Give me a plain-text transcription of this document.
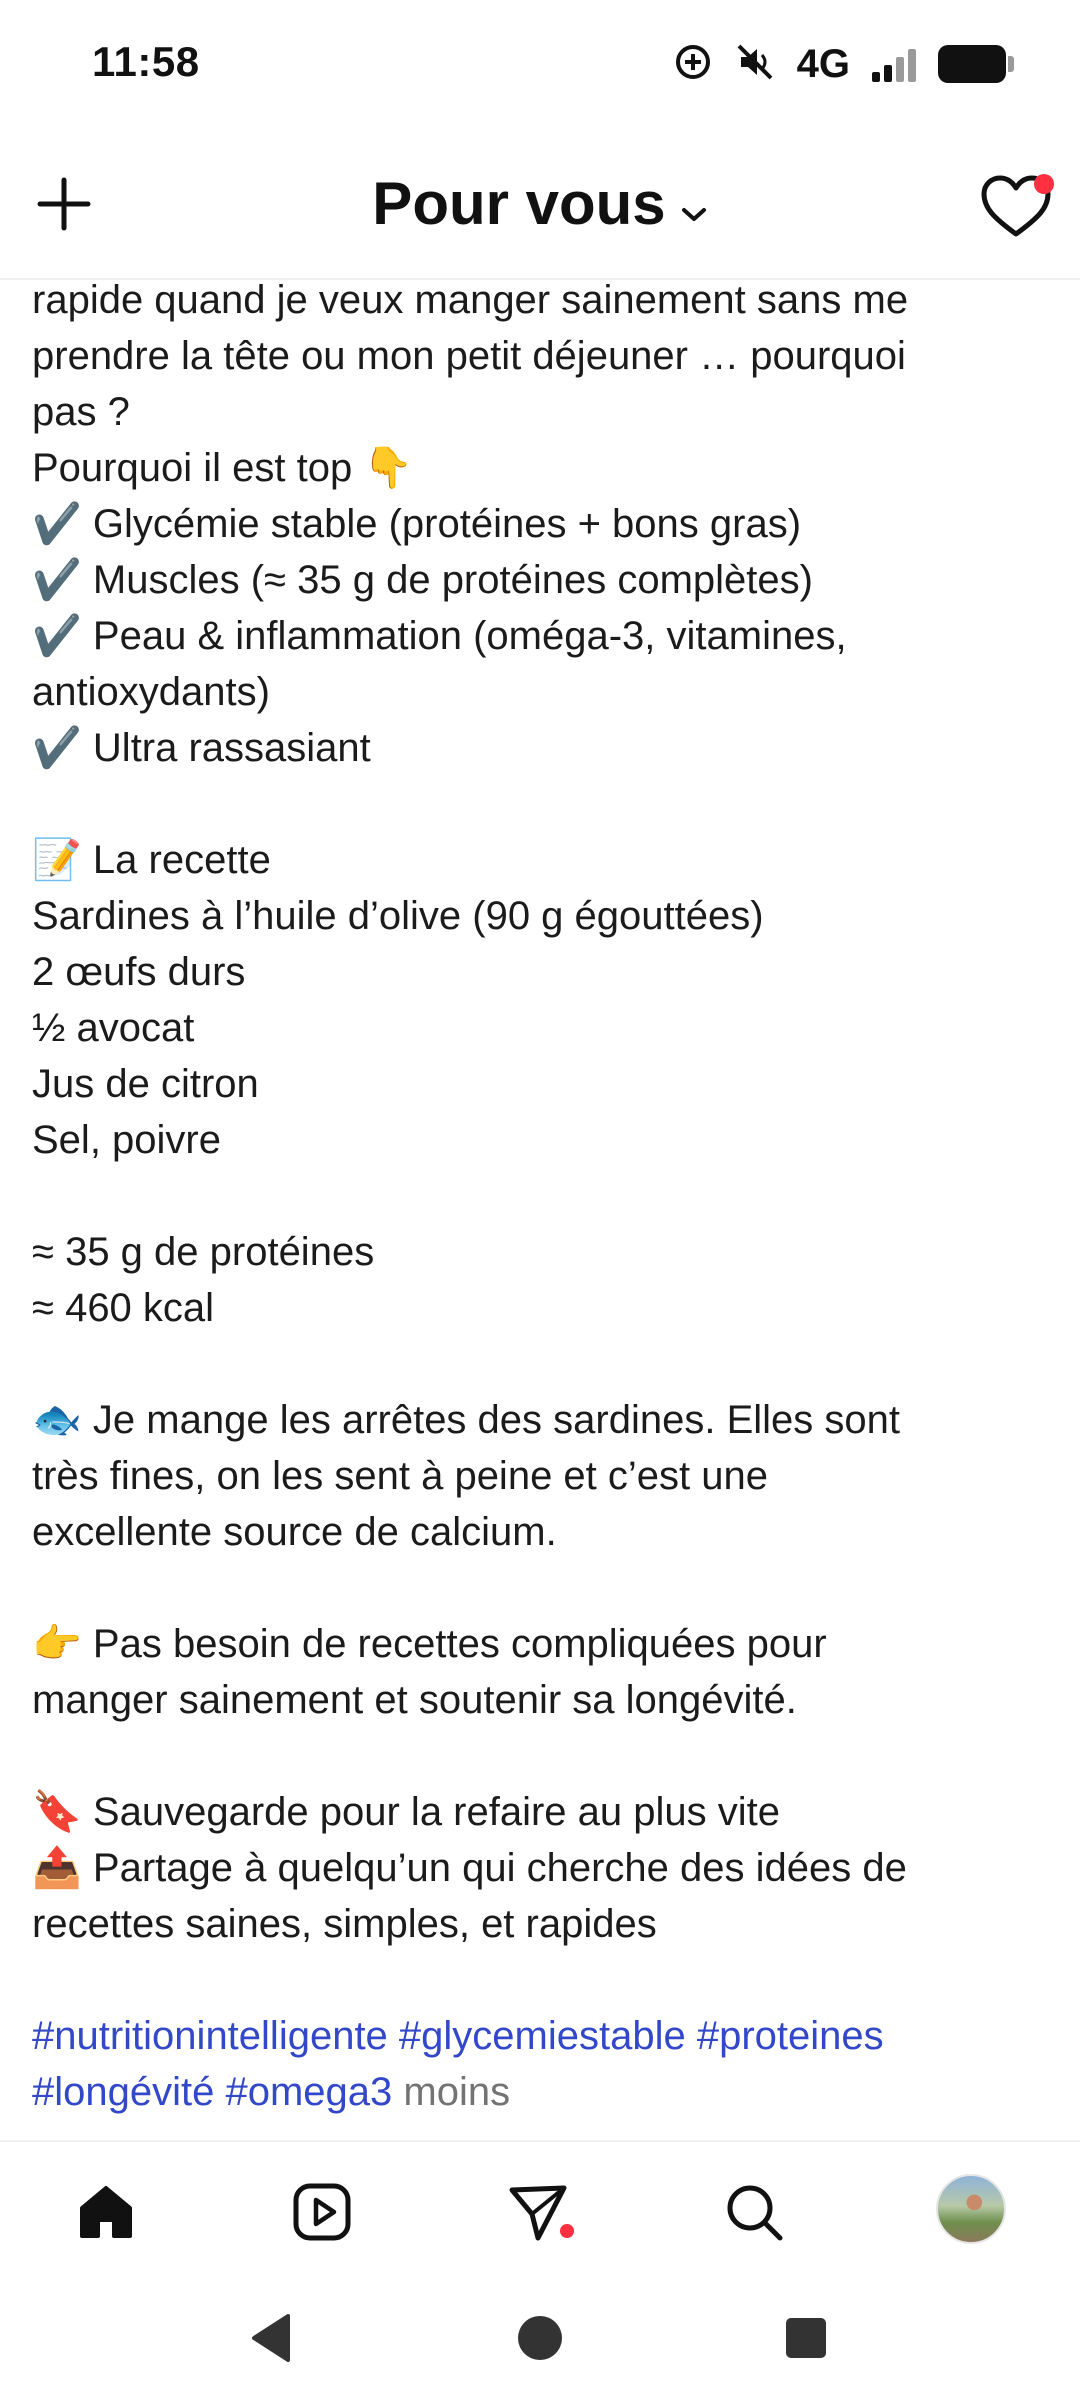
11:58	4G
Pour vous
rapide quand je veux manger sainement sans me
prendre la tête ou mon petit déjeuner … pourquoi
pas ?
Pourquoi il est top 👇
✔️ Glycémie stable (protéines + bons gras)
✔️ Muscles (≈ 35 g de protéines complètes)
✔️ Peau & inflammation (oméga-3, vitamines,
antioxydants)
✔️ Ultra rassasiant
📝 La recette
Sardines à l’huile d’olive (90 g égouttées)
2 œufs durs
½ avocat
Jus de citron
Sel, poivre
≈ 35 g de protéines
≈ 460 kcal
🐟 Je mange les arrêtes des sardines. Elles sont
très fines, on les sent à peine et c’est une
excellente source de calcium.
👉 Pas besoin de recettes compliquées pour
manger sainement et soutenir sa longévité.
🔖 Sauvegarde pour la refaire au plus vite
📤 Partage à quelqu’un qui cherche des idées de
recettes saines, simples, et rapides
#nutritionintelligente #glycemiestable #proteines
#longévité #omega3 moins
